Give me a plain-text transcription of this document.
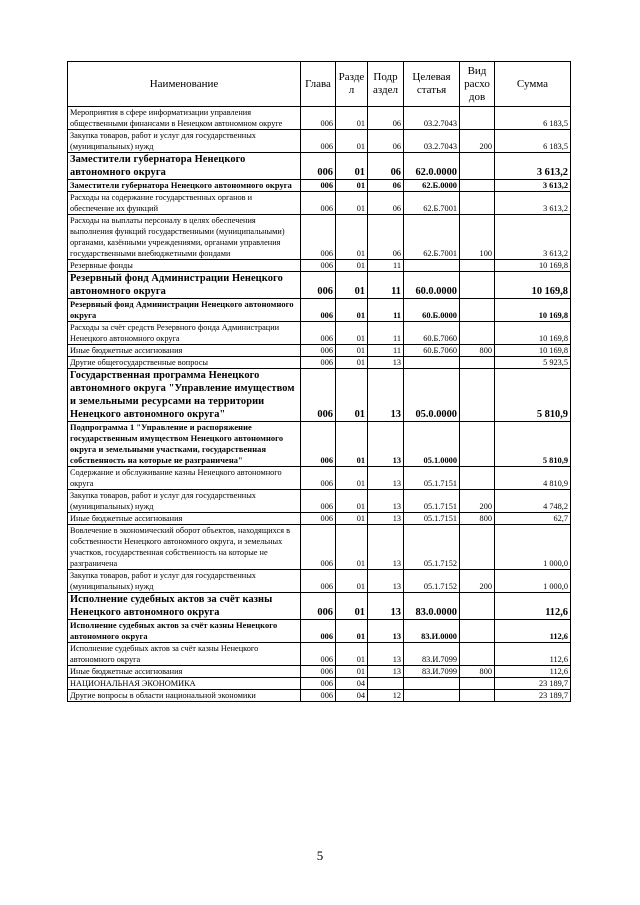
Наименование	Глава	Разде л	Подр аздел	Целевая статья	Вид расхо дов	Сумма
Мероприятия в сфере информатизации управления общественными финансами в Ненецком автономном округе	006	01	06	03.2.7043		6 183,5
Закупка товаров, работ и услуг для государственных (муниципальных) нужд	006	01	06	03.2.7043	200	6 183,5
Заместители губернатора Ненецкого автономного округа	006	01	06	62.0.0000		3 613,2
Заместители губернатора Ненецкого автономного округа	006	01	06	62.Б.0000		3 613,2
Расходы на содержание государственных органов и обеспечение их функций	006	01	06	62.Б.7001		3 613,2
Расходы на выплаты персоналу в целях обеспечения выполнения функций государственными (муниципальными) органами, казёнными учреждениями, органами управления государственными внебюджетными фондами	006	01	06	62.Б.7001	100	3 613,2
Резервные фонды	006	01	11			10 169,8
Резервный фонд Администрации Ненецкого автономного округа	006	01	11	60.0.0000		10 169,8
Резервный фонд Администрации Ненецкого автономного округа	006	01	11	60.Б.0000		10 169,8
Расходы за счёт средств Резервного фонда Администрации Ненецкого автономного округа	006	01	11	60.Б.7060		10 169,8
Иные бюджетные ассигнования	006	01	11	60.Б.7060	800	10 169,8
Другие общегосударственные вопросы	006	01	13			5 923,5
Государственная программа Ненецкого автономного округа "Управление имуществом и земельными ресурсами на территории Ненецкого автономного округа"	006	01	13	05.0.0000		5 810,9
Подпрограмма 1 "Управление и распоряжение государственным имуществом Ненецкого автономного округа и земельными участками, государственная собственность на которые не разграничена"	006	01	13	05.1.0000		5 810,9
Содержание и обслуживание казны Ненецкого автономного округа	006	01	13	05.1.7151		4 810,9
Закупка товаров, работ и услуг для государственных (муниципальных) нужд	006	01	13	05.1.7151	200	4 748,2
Иные бюджетные ассигнования	006	01	13	05.1.7151	800	62,7
Вовлечение в экономический оборот объектов, находящихся в собственности Ненецкого автономного округа, и земельных участков, государственная собственность на которые не разграничена	006	01	13	05.1.7152		1 000,0
Закупка товаров, работ и услуг для государственных (муниципальных) нужд	006	01	13	05.1.7152	200	1 000,0
Исполнение судебных актов за счёт казны Ненецкого автономного округа	006	01	13	83.0.0000		112,6
Исполнение судебных актов за счёт казны Ненецкого автономного округа	006	01	13	83.И.0000		112,6
Исполнение судебных актов за счёт казны Ненецкого автономного округа	006	01	13	83.И.7099		112,6
Иные бюджетные ассигнования	006	01	13	83.И.7099	800	112,6
НАЦИОНАЛЬНАЯ ЭКОНОМИКА	006	04				23 189,7
Другие вопросы в области национальной экономики	006	04	12			23 189,7
5
